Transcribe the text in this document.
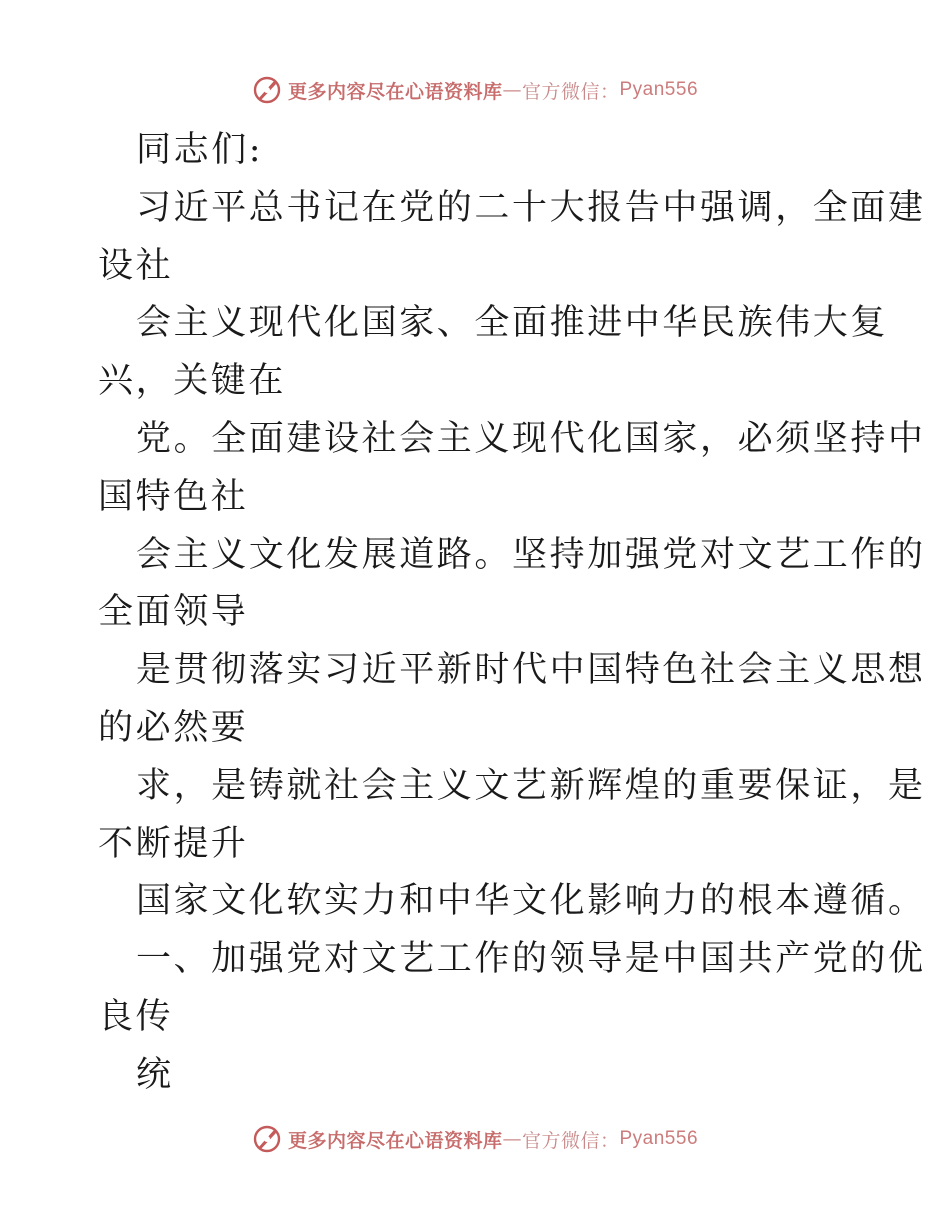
更多内容尽在心语资料库 — 官方微信： Pyan556
同志们:
习近平总书记在党的二十大报告中强调，全面建
设社
会主义现代化国家、全面推进中华民族伟大复
兴，关键在
党。全面建设社会主义现代化国家，必须坚持中
国特色社
会主义文化发展道路。坚持加强党对文艺工作的
全面领导
是贯彻落实习近平新时代中国特色社会主义思想
的必然要
求，是铸就社会主义文艺新辉煌的重要保证，是
不断提升
国家文化软实力和中华文化影响力的根本遵循。
一、加强党对文艺工作的领导是中国共产党的优
良传
统
更多内容尽在心语资料库 — 官方微信： Pyan556
